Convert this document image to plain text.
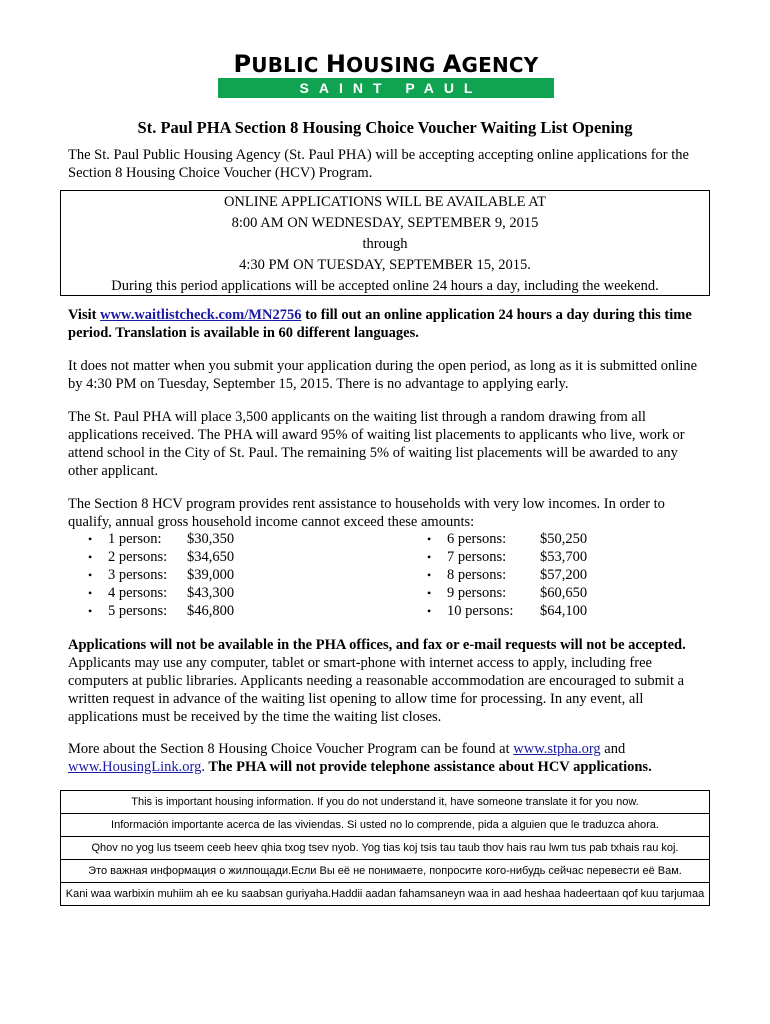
PUBLIC HOUSING AGENCY
SAINT PAUL
St. Paul PHA Section 8 Housing Choice Voucher Waiting List Opening

The St. Paul Public Housing Agency (St. Paul PHA) will be accepting accepting online applications for the Section 8 Housing Choice Voucher (HCV) Program.

ONLINE APPLICATIONS WILL BE AVAILABLE AT
8:00 AM ON WEDNESDAY, SEPTEMBER 9, 2015
through
4:30 PM ON TUESDAY, SEPTEMBER 15, 2015.
During this period applications will be accepted online 24 hours a day, including the weekend.

Visit www.waitlistcheck.com/MN2756 to fill out an online application 24 hours a day during this time period. Translation is available in 60 different languages.

It does not matter when you submit your application during the open period, as long as it is submitted online by 4:30 PM on Tuesday, September 15, 2015. There is no advantage to applying early.

The St. Paul PHA will place 3,500 applicants on the waiting list through a random drawing from all applications received. The PHA will award 95% of waiting list placements to applicants who live, work or attend school in the City of St. Paul. The remaining 5% of waiting list placements will be awarded to any other applicant.

The Section 8 HCV program provides rent assistance to households with very low incomes. In order to qualify, annual gross household income cannot exceed these amounts:

• 1 person: $30,350
• 2 persons: $34,650
• 3 persons: $39,000
• 4 persons: $43,300
• 5 persons: $46,800
• 6 persons: $50,250
• 7 persons: $53,700
• 8 persons: $57,200
• 9 persons: $60,650
• 10 persons: $64,100

Applications will not be available in the PHA offices, and fax or e-mail requests will not be accepted. Applicants may use any computer, tablet or smart-phone with internet access to apply, including free computers at public libraries. Applicants needing a reasonable accommodation are encouraged to submit a written request in advance of the waiting list opening to allow time for processing. In any event, all applications must be received by the time the waiting list closes.

More about the Section 8 Housing Choice Voucher Program can be found at www.stpha.org and www.HousingLink.org. The PHA will not provide telephone assistance about HCV applications.

This is important housing information. If you do not understand it, have someone translate it for you now.
Información importante acerca de las viviendas. Si usted no lo comprende, pida a alguien que le traduzca ahora.
Qhov no yog lus tseem ceeb heev qhia txog tsev nyob. Yog tias koj tsis tau taub thov hais rau lwm tus pab txhais rau koj.
Это важная информация о жилпощади.Если Вы её не понимаете, попросите кого-нибудь сейчас перевести её Вам.
Kani waa warbixin muhiim ah ee ku saabsan guriyaha.Haddii aadan fahamsaneyn waa in aad heshaa hadeertaan qof kuu tarjumaa
